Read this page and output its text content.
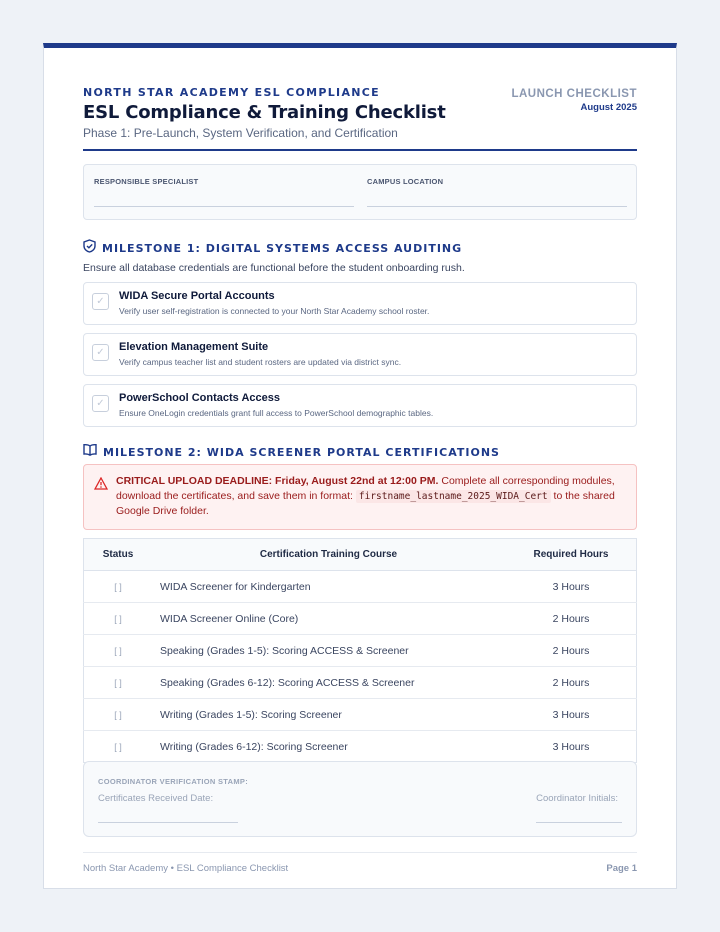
NORTH STAR ACADEMY ESL COMPLIANCE
ESL Compliance & Training Checklist
Phase 1: Pre-Launch, System Verification, and Certification
LAUNCH CHECKLIST
August 2025
RESPONSIBLE SPECIALIST	CAMPUS LOCATION
MILESTONE 1: DIGITAL SYSTEMS ACCESS AUDITING
Ensure all database credentials are functional before the student onboarding rush.
✓	WIDA Secure Portal Accounts
Verify user self-registration is connected to your North Star Academy school roster.
✓	Elevation Management Suite
Verify campus teacher list and student rosters are updated via district sync.
✓	PowerSchool Contacts Access
Ensure OneLogin credentials grant full access to PowerSchool demographic tables.
MILESTONE 2: WIDA SCREENER PORTAL CERTIFICATIONS
CRITICAL UPLOAD DEADLINE: Friday, August 22nd at 12:00 PM. Complete all corresponding modules, download the certificates, and save them in format: firstname_lastname_2025_WIDA_Cert to the shared Google Drive folder.
Status	Certification Training Course	Required Hours
[ ]	WIDA Screener for Kindergarten	3 Hours
[ ]	WIDA Screener Online (Core)	2 Hours
[ ]	Speaking (Grades 1-5): Scoring ACCESS & Screener	2 Hours
[ ]	Speaking (Grades 6-12): Scoring ACCESS & Screener	2 Hours
[ ]	Writing (Grades 1-5): Scoring Screener	3 Hours
[ ]	Writing (Grades 6-12): Scoring Screener	3 Hours
COORDINATOR VERIFICATION STAMP:
Certificates Received Date:	Coordinator Initials:
North Star Academy • ESL Compliance Checklist	Page 1
